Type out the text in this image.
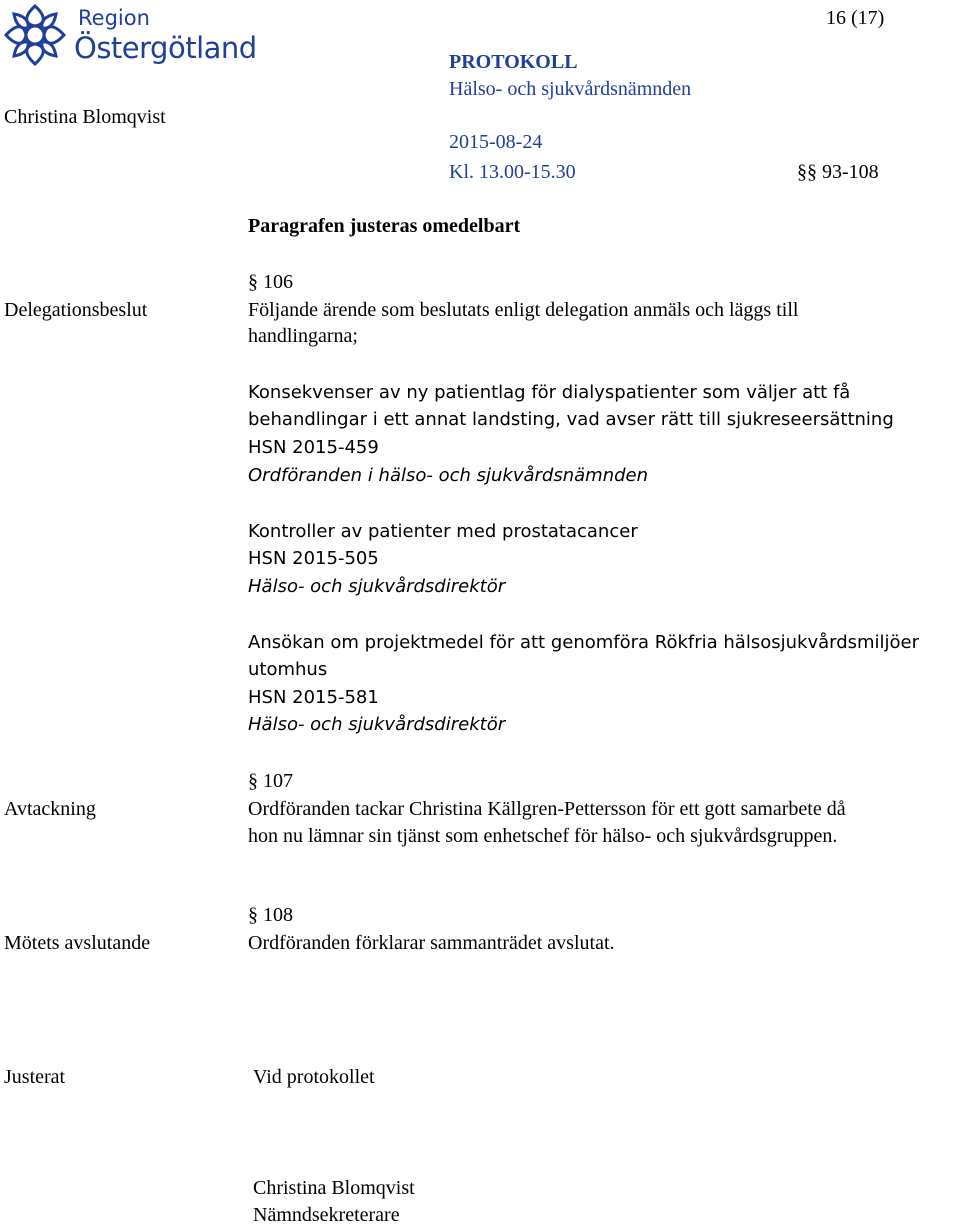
Region
Östergötland
16 (17)
PROTOKOLL
Hälso- och sjukvårdsnämnden
Christina Blomqvist
2015-08-24
Kl. 13.00-15.30	§§ 93-108
Paragrafen justeras omedelbart
Delegationsbeslut
§ 106
Följande ärende som beslutats enligt delegation anmäls och läggs till
handlingarna;
Konsekvenser av ny patientlag för dialyspatienter som väljer att få
behandlingar i ett annat landsting, vad avser rätt till sjukreseersättning
HSN 2015-459
Ordföranden i hälso- och sjukvårdsnämnden
Kontroller av patienter med prostatacancer
HSN 2015-505
Hälso- och sjukvårdsdirektör
Ansökan om projektmedel för att genomföra Rökfria hälsosjukvårdsmiljöer
utomhus
HSN 2015-581
Hälso- och sjukvårdsdirektör
Avtackning
§ 107
Ordföranden tackar Christina Källgren-Pettersson för ett gott samarbete då
hon nu lämnar sin tjänst som enhetschef för hälso- och sjukvårdsgruppen.
Mötets avslutande
§ 108
Ordföranden förklarar sammanträdet avslutat.
Justerat	Vid protokollet
Christina Blomqvist
Nämndsekreterare
